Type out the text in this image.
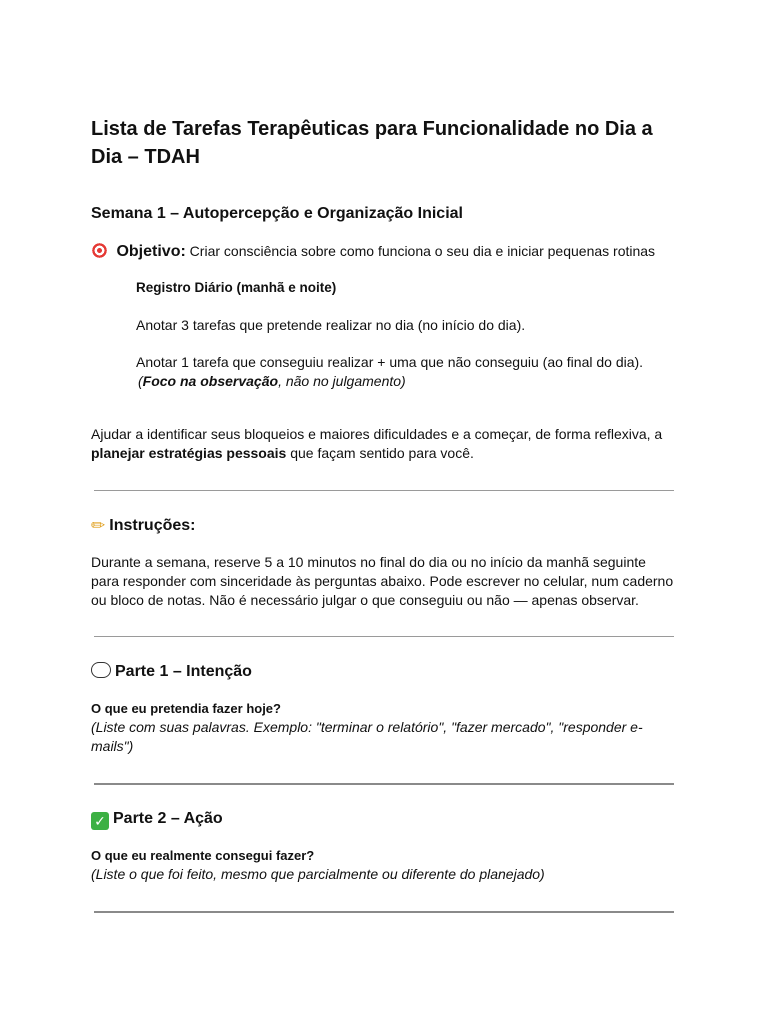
Lista de Tarefas Terapêuticas para Funcionalidade no Dia a Dia – TDAH
Semana 1 – Autopercepção e Organização Inicial
Objetivo: Criar consciência sobre como funciona o seu dia e iniciar pequenas rotinas
Registro Diário (manhã e noite)
Anotar 3 tarefas que pretende realizar no dia (no início do dia).
Anotar 1 tarefa que conseguiu realizar + uma que não conseguiu (ao final do dia).
(Foco na observação, não no julgamento)

Ajudar a identificar seus bloqueios e maiores dificuldades e a começar, de forma reflexiva, a planejar estratégias pessoais que façam sentido para você.

✏ Instruções:

Durante a semana, reserve 5 a 10 minutos no final do dia ou no início da manhã seguinte para responder com sinceridade às perguntas abaixo. Pode escrever no celular, num caderno ou bloco de notas. Não é necessário julgar o que conseguiu ou não — apenas observar.

Parte 1 – Intenção
O que eu pretendia fazer hoje?
(Liste com suas palavras. Exemplo: "terminar o relatório", "fazer mercado", "responder e-mails")
✓ Parte 2 – Ação
O que eu realmente consegui fazer?
(Liste o que foi feito, mesmo que parcialmente ou diferente do planejado)
